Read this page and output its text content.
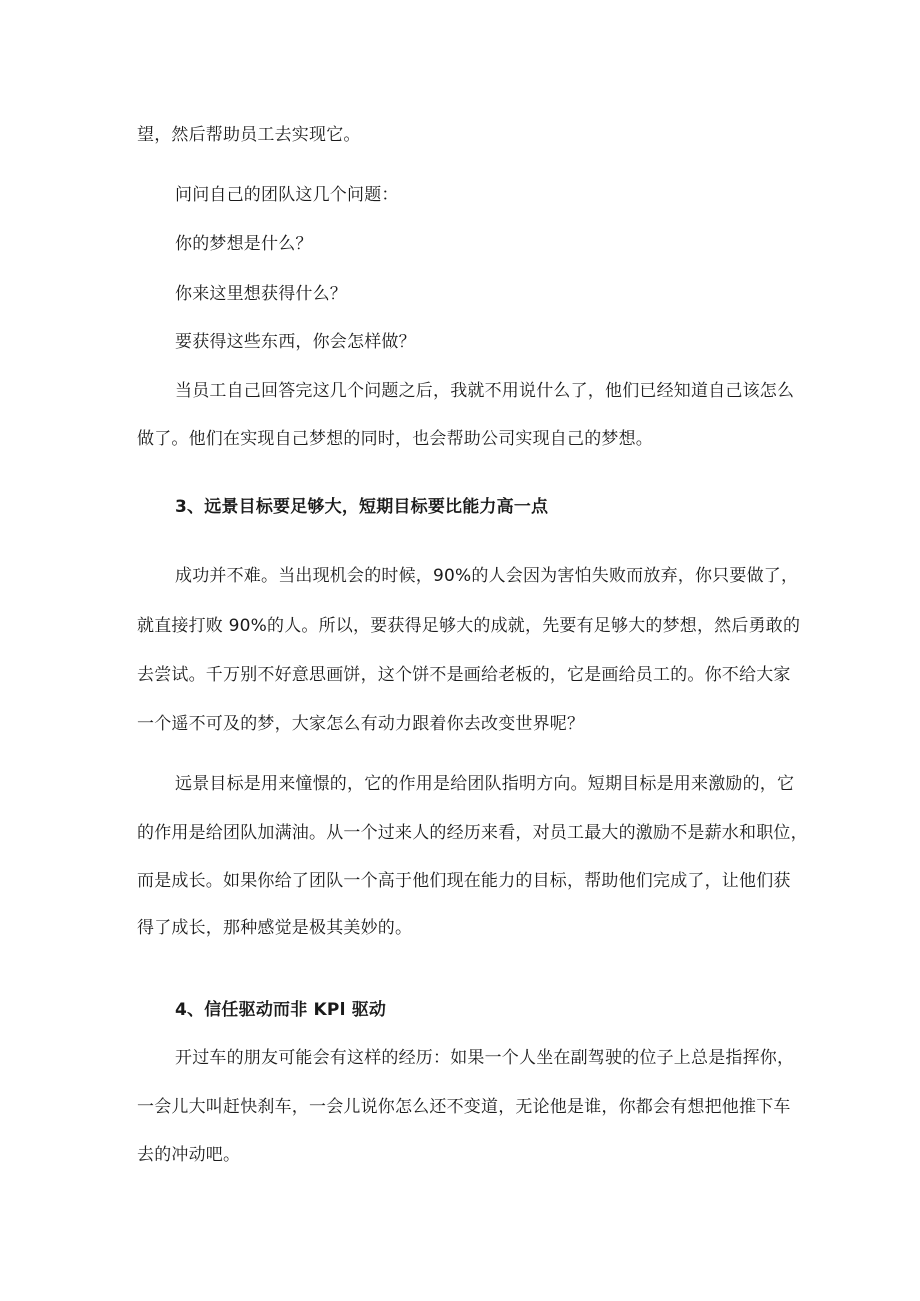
望，然后帮助员工去实现它。
问问自己的团队这几个问题：
你的梦想是什么？
你来这里想获得什么？
要获得这些东西，你会怎样做？
当员工自己回答完这几个问题之后，我就不用说什么了，他们已经知道自己该怎么
做了。他们在实现自己梦想的同时，也会帮助公司实现自己的梦想。
3、远景目标要足够大，短期目标要比能力高一点
成功并不难。当出现机会的时候，90%的人会因为害怕失败而放弃，你只要做了，
就直接打败 90%的人。所以，要获得足够大的成就，先要有足够大的梦想，然后勇敢的
去尝试。千万别不好意思画饼，这个饼不是画给老板的，它是画给员工的。你不给大家
一个遥不可及的梦，大家怎么有动力跟着你去改变世界呢？
远景目标是用来憧憬的，它的作用是给团队指明方向。短期目标是用来激励的，它
的作用是给团队加满油。从一个过来人的经历来看，对员工最大的激励不是薪水和职位，
而是成长。如果你给了团队一个高于他们现在能力的目标，帮助他们完成了，让他们获
得了成长，那种感觉是极其美妙的。
4、信任驱动而非 KPl 驱动
开过车的朋友可能会有这样的经历：如果一个人坐在副驾驶的位子上总是指挥你，
一会儿大叫赶快刹车，一会儿说你怎么还不变道，无论他是谁，你都会有想把他推下车
去的冲动吧。
